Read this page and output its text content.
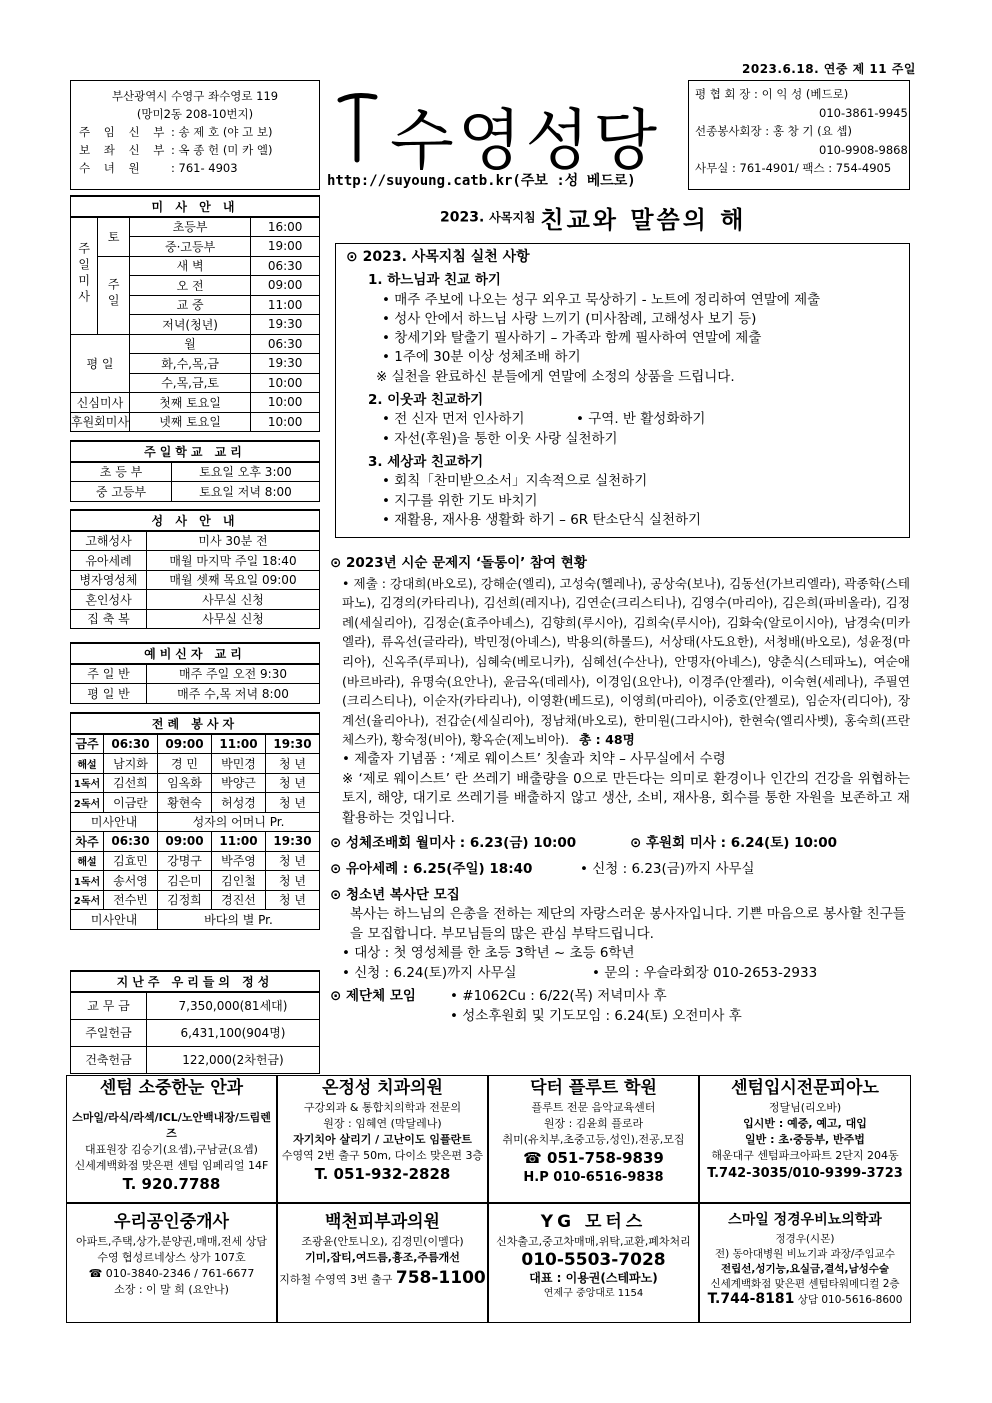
2023.6.18. 연중 제 11 주일
부산광역시 수영구 좌수영로 119
(망미2동 208-10번지)
주 임 신 부 : 송 제 호 (야 고 보)
보 좌 신 부 : 옥 종 헌 (미 카 엘)
수 녀 원	: 761- 4903 수영성당
http://suyoung.catb.kr(주보 :성 베드로)
평 협 회 장 : 이 익 성 (베드로)
010-3861-9945
선종봉사회장 : 홍 창 기 (요 셉)
010-9908-9868
사무실 : 761-4901/ 팩스 : 754-4905
미 사 안 내			
주일미사	토	초등부	16:00
		중·고등부	19:00
	주일	새 벽	06:30
		오 전	09:00
		교 중	11:00
		저녁(청년)	19:30
평 일		월	06:30
		화,수,목,금	19:30
		수,목,금,토	10:00
신심미사		첫째 토요일	10:00
후원회미사		넷째 토요일	10:00
주일학교 교리	
초 등 부	토요일 오후 3:00
중 고등부	토요일 저녁 8:00
성 사 안 내	
고해성사	미사 30분 전
유아세례	매월 마지막 주일 18:40
병자영성체	매월 셋째 목요일 09:00
혼인성사	사무실 신청
집 축 복	사무실 신청
예비신자 교리	
주 일 반	매주 주일 오전 9:30
평 일 반	매주 수,목 저녁 8:00
전례 봉사자				
금주	06:30	09:00	11:00	19:30
해설	남지화	경 민	박민경	청 년
1독서	김선희	임옥화	박양근	청 년
2독서	이금란	황현숙	허성경	청 년
미사안내		성자의 어머니 Pr.		
차주	06:30	09:00	11:00	19:30
해설	김효민	강명구	박주영	청 년
1독서	송서영	김은미	김인철	청 년
2독서	전수빈	김정희	경진선	청 년
미사안내		바다의 별 Pr.		
지난주 우리들의 정성	
교 무 금	7,350,000(81세대)
주일헌금	6,431,100(904명)
건축헌금	122,000(2차헌금)
2023. 사목지침 친교와 말씀의 해
⊙ 2023. 사목지침 실천 사항
1. 하느님과 친교 하기
• 매주 주보에 나오는 성구 외우고 묵상하기 - 노트에 정리하여 연말에 제출
• 성사 안에서 하느님 사랑 느끼기 (미사참례, 고해성사 보기 등)
• 창세기와 탈출기 필사하기 – 가족과 함께 필사하여 연말에 제출
• 1주에 30분 이상 성체조배 하기
※ 실천을 완료하신 분들에게 연말에 소정의 상품을 드립니다.
2. 이웃과 친교하기
• 전 신자 먼저 인사하기            • 구역. 반 활성화하기
• 자선(후원)을 통한 이웃 사랑 실천하기
3. 세상과 친교하기
• 회칙「찬미받으소서」지속적으로 실천하기
• 지구를 위한 기도 바치기
• 재활용, 재사용 생활화 하기 – 6R 탄소단식 실천하기
⊙ 2023년 시순 문제지 ‘돌통이’ 참여 현황
• 제출 : 강대희(바오로), 강해순(엘리), 고성숙(헬레나), 공상숙(보나), 김동선(가브리엘라), 곽종학(스테파노), 김경의(카타리나), 김선희(레지나), 김연순(크리스티나), 김영수(마리아), 김은희(파비올라), 김정례(세실리아), 김정순(효주아녜스), 김향희(루시아), 김희숙(루시아), 김화숙(알로이시아), 남경숙(미카엘라), 류옥선(글라라), 박민정(아녜스), 박용의(하롤드), 서상태(사도요한), 서청배(바오로), 성윤정(마리아), 신옥주(루피나), 심혜숙(베로니카), 심혜선(수산나), 안명자(아녜스), 양춘식(스테파노), 여순애(바르바라), 유명숙(요안나), 윤금옥(데레사), 이경임(요안나), 이경주(안젤라), 이숙현(세레나), 주필연(크리스티나), 이순자(카타리나), 이영환(베드로), 이영희(마리아), 이중호(안젤로), 임순자(리디아), 장계선(율리아나), 전갑순(세실리아), 정남채(바오로), 한미원(그라시아), 한현숙(엘리사벳), 홍숙희(프란체스카), 황숙정(비아), 황옥순(제노비아). 총 : 48명
• 제출자 기념품 : ‘제로 웨이스트’ 칫솔과 치약 – 사무실에서 수령
※ ‘제로 웨이스트’ 란 쓰레기 배출량을 0으로 만든다는 의미로 환경이나 인간의 건강을 위협하는 토지, 해양, 대기로 쓰레기를 배출하지 않고 생산, 소비, 재사용, 회수를 통한 자원을 보존하고 재활용하는 것입니다.
⊙ 성체조배회 월미사 : 6.23(금) 10:00	⊙ 후원회 미사 : 6.24(토) 10:00
⊙ 유아세례 : 6.25(주일) 18:40	• 신청 : 6.23(금)까지 사무실
⊙ 청소년 복사단 모집
복사는 하느님의 은총을 전하는 제단의 자랑스러운 봉사자입니다. 기쁜 마음으로 봉사할 친구들을 모집합니다. 부모님들의 많은 관심 부탁드립니다.
• 대상 : 첫 영성체를 한 초등 3학년 ~ 초등 6학년
• 신청 : 6.24(토)까지 사무실	• 문의 : 우슬라회장 010-2653-2933
⊙ 제단체 모임	• #1062Cu : 6/22(목) 저녁미사 후
• 성소후원회 및 기도모임 : 6.24(토) 오전미사 후
센텀 소중한눈 안과
스마일/라식/라섹/ICL/노안백내장/드림렌즈
대표원장 김승기(요셉),구남균(요셉)
신세계백화점 맞은편 센텀 임페리얼 14F
T. 920.7788
온정성 치과의원
구강외과 & 통합치의학과 전문의
원장 : 임혜연 (막달레나)
자기치아 살리기 / 고난이도 임플란트
수영역 2번 출구 50m, 다이소 맞은편 3층
T. 051-932-2828
닥터 플루트 학원
플루트 전문 음악교육센터
원장 : 김윤희 플로라
취미(유치부,초중고등,성인),전공,모집
☎ 051-758-9839
H.P 010-6516-9838
센텀입시전문피아노
정달님(리오바)
입시반 : 예중, 예고, 대입
일반 : 초·중등부, 반주법
해운대구 센텀파크아파트 2단지 204동
T.742-3035/010-9399-3723
우리공인중개사
아파트,주택,상가,분양권,매매,전세 상담
수영 협성르네상스 상가 107호
☎ 010-3840-2346 / 761-6677
소장 : 이 말 희 (요안나)
백천피부과의원
조광윤(안토니오), 김경민(이멜다)
기미,잡티,여드름,흉조,주름개선
지하철 수영역 3번 출구 758-1100
YG 모터스
신차출고,중고차매매,위탁,교환,폐차처리
010-5503-7028
대표 : 이용권(스테파노)
연제구 중앙대로 1154
스마일 정경우비뇨의학과
정경우(시몬)
전) 동아대병원 비뇨기과 과장/주임교수
전립선,성기능,요실금,결석,남성수술
신세계백화점 맞은편 센텀타워메디컬 2층
T.744-8181 상담 010-5616-8600
